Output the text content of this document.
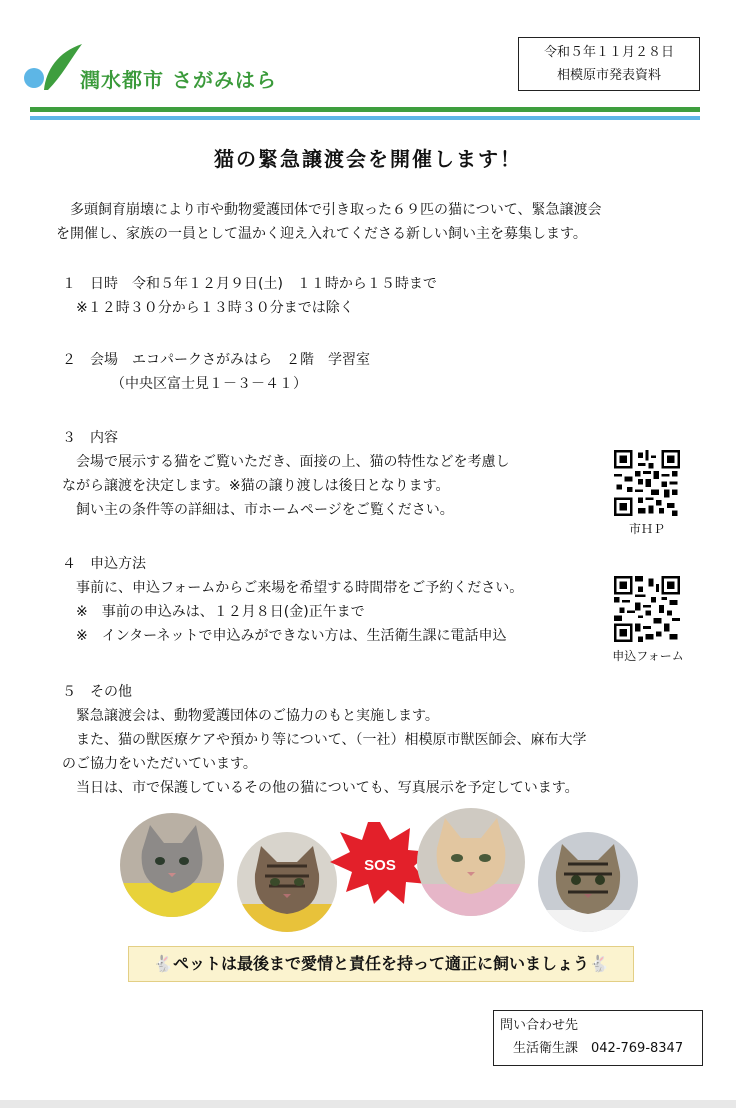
潤水都市 さがみはら
令和５年１１月２８日
相模原市発表資料
猫の緊急譲渡会を開催します！
　多頭飼育崩壊により市や動物愛護団体で引き取った６９匹の猫について、緊急譲渡会
を開催し、家族の一員として温かく迎え入れてくださる新しい飼い主を募集します。
１　日時　令和５年１２月９日(土)　１１時から１５時まで
　※１２時３０分から１３時３０分までは除く
２　会場　エコパークさがみはら　２階　学習室
　　　　（中央区富士見１－３－４１）
３　内容
　会場で展示する猫をご覧いただき、面接の上、猫の特性などを考慮し
ながら譲渡を決定します。※猫の譲り渡しは後日となります。
　飼い主の条件等の詳細は、市ホームページをご覧ください。
市ＨＰ
４　申込方法
　事前に、申込フォームからご来場を希望する時間帯をご予約ください。
　※　事前の申込みは、１２月８日(金)正午まで
　※　インターネットで申込みができない方は、生活衛生課に電話申込
申込フォーム
５　その他
　緊急譲渡会は、動物愛護団体のご協力のもと実施します。
　また、猫の獣医療ケアや預かり等について、（一社）相模原市獣医師会、麻布大学
のご協力をいただいています。
　当日は、市で保護しているその他の猫についても、写真展示を予定しています。
SOS
🐇ペットは最後まで愛情と責任を持って適正に飼いましょう🐇
問い合わせ先
　生活衛生課　042-769-8347
